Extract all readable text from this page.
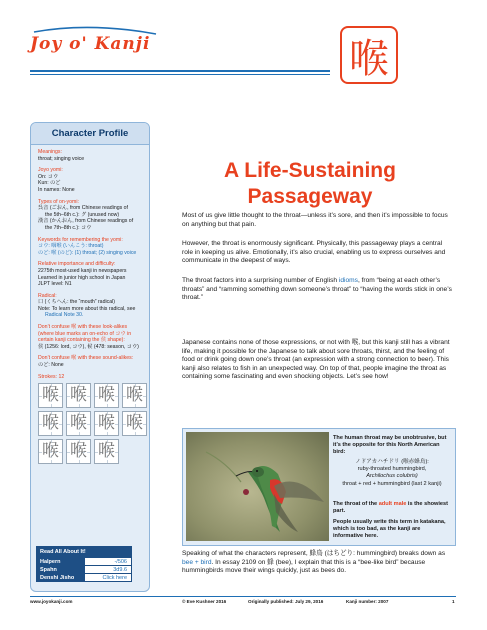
Joy o' Kanji	喉
Character Profile
Meanings:
throat; singing voice
Joyo yomi:
On: コウ
Kun: のど
In names: None
Types of on-yomi:
呉音 (ごおん, from Chinese readings of
the 5th–6th c.): グ (unused now)
漢音 (かんおん, from Chinese readings of
the 7th–8th c.): コウ
Keywords for remembering the yomi:
コウ: 咽喉 (いんこう: throat)
のど: 喉 (のど): (1) throat; (2) singing voice
Relative importance and difficulty:
2275th most-used kanji in newspapers
Learned in junior high school in Japan
JLPT level: N1
Radical:
口 (くちへん: the “mouth” radical)
Note: To learn more about this radical, see
Radical Note 30.
Don’t confuse 喉 with these look-alikes
(where blue marks an on-echo of コウ in
certain kanji containing the 侯 shape):
侯 (1256: lord, コウ), 候 (478: season, コウ)
Don’t confuse 喉 with these sound-alikes:
のど: None
Strokes: 12
喉 喉 喉 喉
喉 喉 喉 喉
喉 喉 喉
Read All About It!
Halpern	-/506
Spahn	3d9.6
Denshi Jisho	Click here
A Life-Sustaining Passageway

Most of us give little thought to the throat—unless it’s sore, and then it’s impossible to focus on anything but that pain.

However, the throat is enormously significant. Physically, this passageway plays a central role in keeping us alive. Emotionally, it’s also crucial, enabling us to express ourselves and communicate in the deepest of ways.

The throat factors into a surprising number of English idioms, from “being at each other’s throats” and “ramming something down someone’s throat” to “having the words stick in one’s throat.”

Japanese contains none of those expressions, or not with 喉, but this kanji still has a vibrant life, making it possible for the Japanese to talk about sore throats, thirst, and the feeling of food or drink going down one’s throat (an expression with a strong connection to beer). This kanji also relates to fish in an unexpected way. On top of that, people imagine the throat as containing some fascinating and even shocking objects. Let’s see how!

The human throat may be unobtrusive, but it’s the opposite for this North American bird:
ノドアカハチドリ (喉赤蜂鳥):
ruby-throated hummingbird,
Archilochus colubris)
throat + red + hummingbird (last 2 kanji)
The throat of the adult male is the showiest part.
People usually write this term in katakana, which is too bad, as the kanji are informative here.

Speaking of what the characters represent, 蜂鳥 (はちどり: hummingbird) breaks down as bee + bird. In essay 2109 on 蜂 (bee), I explain that this is a “bee-like bird” because hummingbirds move their wings quickly, just as bees do.

www.joyokanji.com	© Eve Kushner 2016	Originally published: July 29, 2016	Kanji number: 2007	1
